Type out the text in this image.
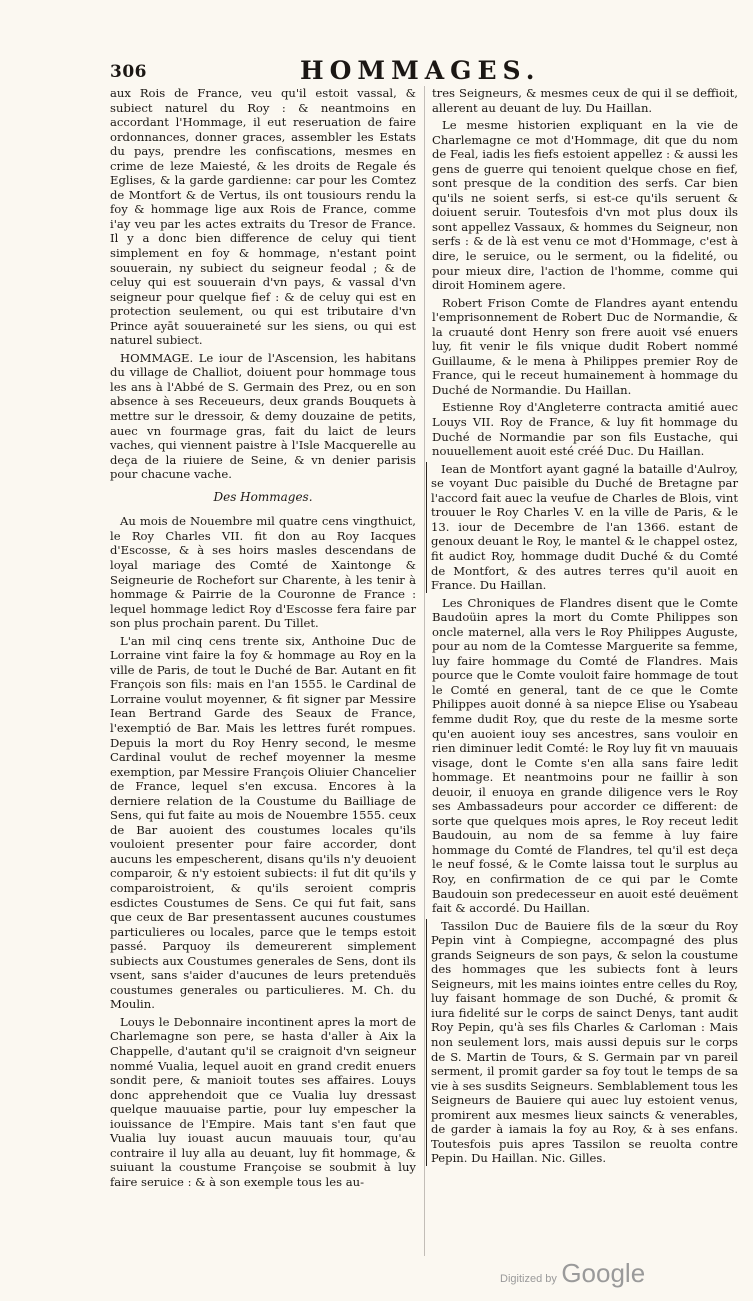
306	HOMMAGES.

aux Rois de France, veu qu'il estoit vassal, & subiect naturel du Roy : & neantmoins en accordant l'Hommage, il eut reseruation de faire ordonnances, donner graces, assembler les Estats du pays, prendre les confiscations, mesmes en crime de leze Maiesté, & les droits de Regale és Eglises, & la garde gardienne: car pour les Comtez de Montfort & de Vertus, ils ont tousiours rendu la foy & hommage lige aux Rois de France, comme i'ay veu par les actes extraits du Tresor de France. Il y a donc bien difference de celuy qui tient simplement en foy & hommage, n'estant point souuerain, ny subiect du seigneur feodal ; & de celuy qui est souuerain d'vn pays, & vassal d'vn seigneur pour quelque fief : & de celuy qui est en protection seulement, ou qui est tributaire d'vn Prince ayāt souueraineté sur les siens, ou qui est naturel subiect.

HOMMAGE. Le iour de l'Ascension, les habitans du village de Challiot, doiuent pour hommage tous les ans à l'Abbé de S. Germain des Prez, ou en son absence à ses Receueurs, deux grands Bouquets à mettre sur le dressoir, & demy douzaine de petits, auec vn fourmage gras, fait du laict de leurs vaches, qui viennent paistre à l'Isle Macquerelle au deça de la riuiere de Seine, & vn denier parisis pour chacune vache.

Des Hommages.

Au mois de Nouembre mil quatre cens vingthuict, le Roy Charles VII. fit don au Roy Iacques d'Escosse, & à ses hoirs masles descendans de loyal mariage des Comté de Xaintonge & Seigneurie de Rochefort sur Charente, à les tenir à hommage & Pairrie de la Couronne de France : lequel hommage ledict Roy d'Escosse fera faire par son plus prochain parent. Du Tillet.

L'an mil cinq cens trente six, Anthoine Duc de Lorraine vint faire la foy & hommage au Roy en la ville de Paris, de tout le Duché de Bar. Autant en fit François son fils: mais en l'an 1555. le Cardinal de Lorraine voulut moyenner, & fit signer par Messire Iean Bertrand Garde des Seaux de France, l'exemptió de Bar. Mais les lettres furét rompues. Depuis la mort du Roy Henry second, le mesme Cardinal voulut de rechef moyenner la mesme exemption, par Messire François Oliuier Chancelier de France, lequel s'en excusa. Encores à la derniere relation de la Coustume du Bailliage de Sens, qui fut faite au mois de Nouembre 1555. ceux de Bar auoient des coustumes locales qu'ils vouloient presenter pour faire accorder, dont aucuns les empescherent, disans qu'ils n'y deuoient comparoir, & n'y estoient subiects: il fut dit qu'ils y comparoistroient, & qu'ils seroient compris esdictes Coustumes de Sens. Ce qui fut fait, sans que ceux de Bar presentassent aucunes coustumes particulieres ou locales, parce que le temps estoit passé. Parquoy ils demeurerent simplement subiects aux Coustumes generales de Sens, dont ils vsent, sans s'aider d'aucunes de leurs pretenduës coustumes generales ou particulieres. M. Ch. du Moulin.

Louys le Debonnaire incontinent apres la mort de Charlemagne son pere, se hasta d'aller à Aix la Chappelle, d'autant qu'il se craignoit d'vn seigneur nommé Vualia, lequel auoit en grand credit enuers sondit pere, & manioit toutes ses affaires. Louys donc apprehendoit que ce Vualia luy dressast quelque mauuaise partie, pour luy empescher la iouissance de l'Empire. Mais tant s'en faut que Vualia luy iouast aucun mauuais tour, qu'au contraire il luy alla au deuant, luy fit hommage, & suiuant la coustume Françoise se soubmit à luy faire seruice : & à son exemple tous les au-

tres Seigneurs, & mesmes ceux de qui il se deffioit, allerent au deuant de luy. Du Haillan.

Le mesme historien expliquant en la vie de Charlemagne ce mot d'Hommage, dit que du nom de Feal, iadis les fiefs estoient appellez : & aussi les gens de guerre qui tenoient quelque chose en fief, sont presque de la condition des serfs. Car bien qu'ils ne soient serfs, si est-ce qu'ils seruent & doiuent seruir. Toutesfois d'vn mot plus doux ils sont appellez Vassaux, & hommes du Seigneur, non serfs : & de là est venu ce mot d'Hommage, c'est à dire, le seruice, ou le serment, ou la fidelité, ou pour mieux dire, l'action de l'homme, comme qui diroit Hominem agere.

Robert Frison Comte de Flandres ayant entendu l'emprisonnement de Robert Duc de Normandie, & la cruauté dont Henry son frere auoit vsé enuers luy, fit venir le fils vnique dudit Robert nommé Guillaume, & le mena à Philippes premier Roy de France, qui le receut humainement à hommage du Duché de Normandie. Du Haillan.

Estienne Roy d'Angleterre contracta amitié auec Louys VII. Roy de France, & luy fit hommage du Duché de Normandie par son fils Eustache, qui nouuellement auoit esté créé Duc. Du Haillan.

Iean de Montfort ayant gagné la bataille d'Aulroy, se voyant Duc paisible du Duché de Bretagne par l'accord fait auec la veufue de Charles de Blois, vint trouuer le Roy Charles V. en la ville de Paris, & le 13. iour de Decembre de l'an 1366. estant de genoux deuant le Roy, le mantel & le chappel ostez, fit audict Roy, hommage dudit Duché & du Comté de Montfort, & des autres terres qu'il auoit en France. Du Haillan.

Les Chroniques de Flandres disent que le Comte Baudoüin apres la mort du Comte Philippes son oncle maternel, alla vers le Roy Philippes Auguste, pour au nom de la Comtesse Marguerite sa femme, luy faire hommage du Comté de Flandres. Mais pource que le Comte vouloit faire hommage de tout le Comté en general, tant de ce que le Comte Philippes auoit donné à sa niepce Elise ou Ysabeau femme dudit Roy, que du reste de la mesme sorte qu'en auoient iouy ses ancestres, sans vouloir en rien diminuer ledit Comté: le Roy luy fit vn mauuais visage, dont le Comte s'en alla sans faire ledit hommage. Et neantmoins pour ne faillir à son deuoir, il enuoya en grande diligence vers le Roy ses Ambassadeurs pour accorder ce different: de sorte que quelques mois apres, le Roy receut ledit Baudouin, au nom de sa femme à luy faire hommage du Comté de Flandres, tel qu'il est deça le neuf fossé, & le Comte laissa tout le surplus au Roy, en confirmation de ce qui par le Comte Baudouin son predecesseur en auoit esté deuëment fait & accordé. Du Haillan.

Tassilon Duc de Bauiere fils de la sœur du Roy Pepin vint à Compiegne, accompagné des plus grands Seigneurs de son pays, & selon la coustume des hommages que les subiects font à leurs Seigneurs, mit les mains iointes entre celles du Roy, luy faisant hommage de son Duché, & promit & iura fidelité sur le corps de sainct Denys, tant audit Roy Pepin, qu'à ses fils Charles & Carloman : Mais non seulement lors, mais aussi depuis sur le corps de S. Martin de Tours, & S. Germain par vn pareil serment, il promit garder sa foy tout le temps de sa vie à ses susdits Seigneurs. Semblablement tous les Seigneurs de Bauiere qui auec luy estoient venus, promirent aux mesmes lieux saincts & venerables, de garder à iamais la foy au Roy, & à ses enfans. Toutesfois puis apres Tassilon se reuolta contre Pepin. Du Haillan. Nic. Gilles.

Digitized by Google
